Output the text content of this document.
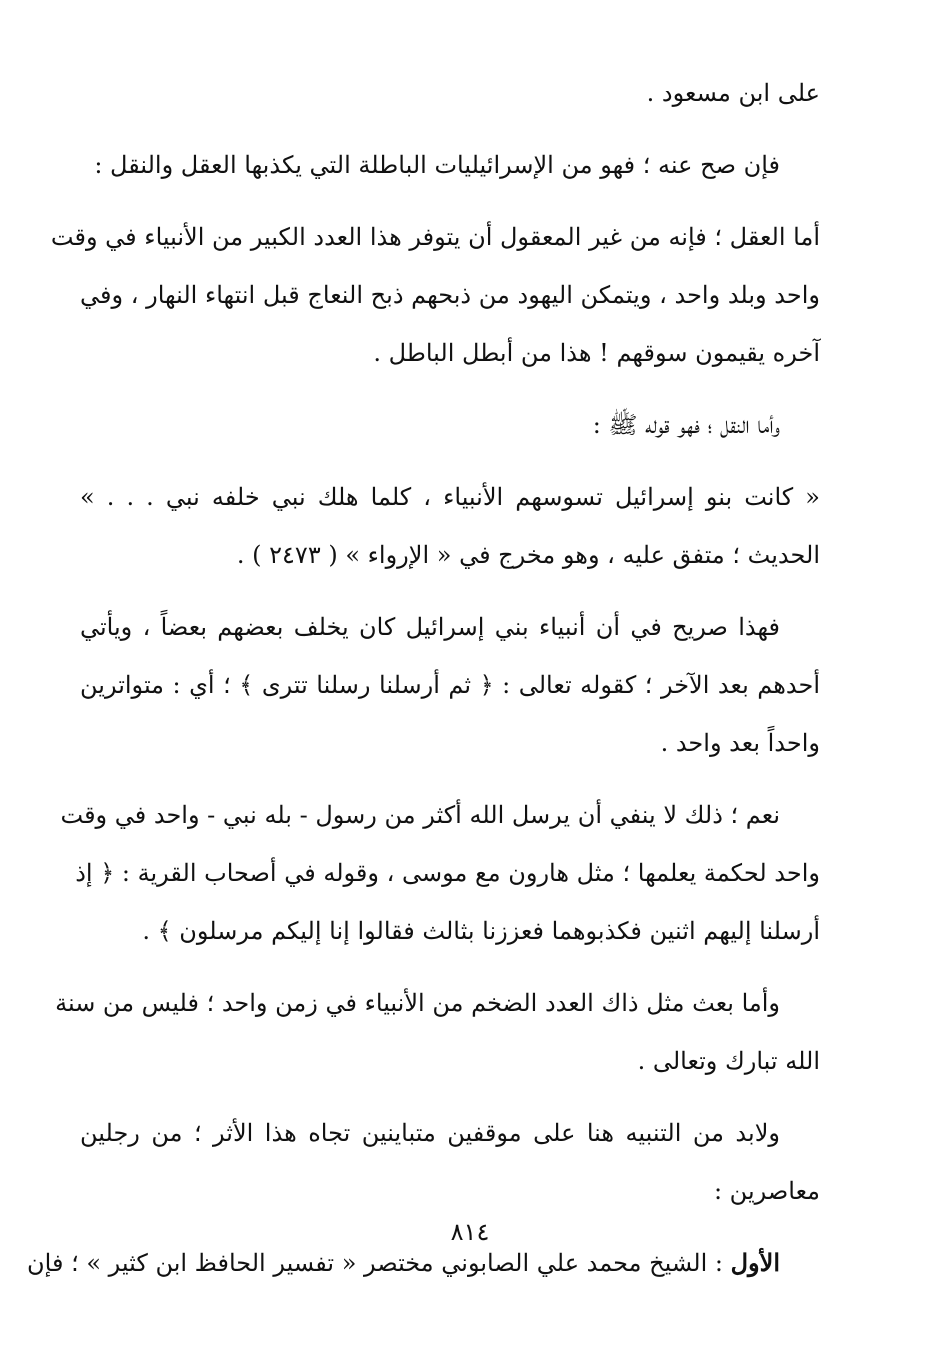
على ابن مسعود .
فإن صح عنه ؛ فهو من الإسرائيليات الباطلة التي يكذبها العقل والنقل :
أما العقل ؛ فإنه من غير المعقول أن يتوفر هذا العدد الكبير من الأنبياء في وقت
واحد وبلد واحد ، ويتمكن اليهود من ذبحهم ذبح النعاج قبل انتهاء النهار ، وفي
آخره يقيمون سوقهم ! هذا من أبطل الباطل .
وأما النقل ؛ فهو قوله ﷺ :
« كانت بنو إسرائيل تسوسهم الأنبياء ، كلما هلك نبي خلفه نبي . . . »
الحديث ؛ متفق عليه ، وهو مخرج في « الإرواء » ( ٢٤٧٣ ) .
فهذا صريح في أن أنبياء بني إسرائيل كان يخلف بعضهم بعضاً ، ويأتي
أحدهم بعد الآخر ؛ كقوله تعالى : ﴿ ثم أرسلنا رسلنا تترى ﴾ ؛ أي : متواترين
واحداً بعد واحد .
نعم ؛ ذلك لا ينفي أن يرسل الله أكثر من رسول - بله نبي - واحد في وقت
واحد لحكمة يعلمها ؛ مثل هارون مع موسى ، وقوله في أصحاب القرية : ﴿ إذ
أرسلنا إليهم اثنين فكذبوهما فعززنا بثالث فقالوا إنا إليكم مرسلون ﴾ .
وأما بعث مثل ذاك العدد الضخم من الأنبياء في زمن واحد ؛ فليس من سنة
الله تبارك وتعالى .
ولابد من التنبيه هنا على موقفين متباينين تجاه هذا الأثر ؛ من رجلين
معاصرين :
الأول : الشيخ محمد علي الصابوني مختصر « تفسير الحافظ ابن كثير » ؛ فإن
٨١٤
